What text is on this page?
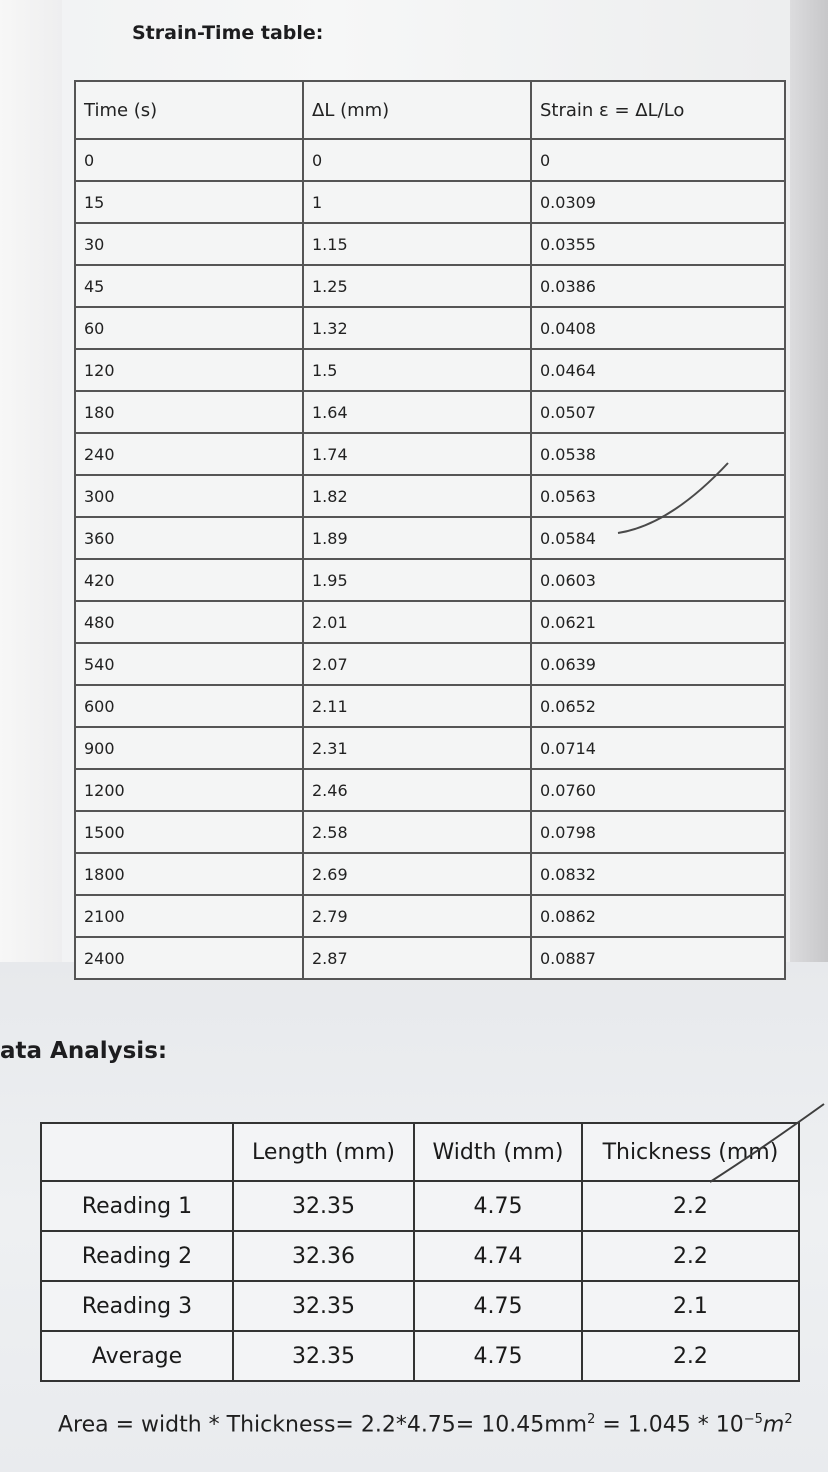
Strain-Time table:
Time (s)	ΔL (mm)	Strain ε = ΔL/Lo
0	0	0
15	1	0.0309
30	1.15	0.0355
45	1.25	0.0386
60	1.32	0.0408
120	1.5	0.0464
180	1.64	0.0507
240	1.74	0.0538
300	1.82	0.0563
360	1.89	0.0584
420	1.95	0.0603
480	2.01	0.0621
540	2.07	0.0639
600	2.11	0.0652
900	2.31	0.0714
1200	2.46	0.0760
1500	2.58	0.0798
1800	2.69	0.0832
2100	2.79	0.0862
2400	2.87	0.0887
ata Analysis:
	Length (mm)	Width (mm)	Thickness (mm)
Reading 1	32.35	4.75	2.2
Reading 2	32.36	4.74	2.2
Reading 3	32.35	4.75	2.1
Average	32.35	4.75	2.2
Area = width * Thickness= $2.2*4.75= 10.45mm^2 = 1.045 * 10^{-5}m^2$
